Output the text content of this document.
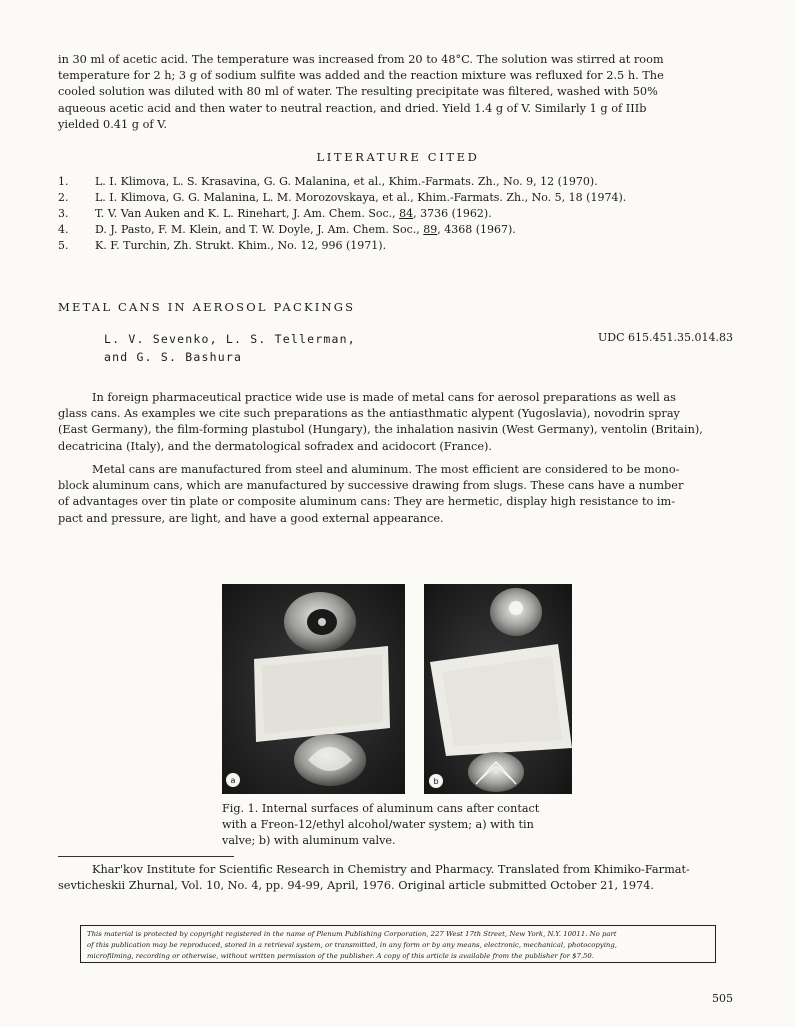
in 30 ml of acetic acid. The temperature was increased from 20 to 48°C. The solution was stirred at room
temperature for 2 h; 3 g of sodium sulfite was added and the reaction mixture was refluxed for 2.5 h. The
cooled solution was diluted with 80 ml of water. The resulting precipitate was filtered, washed with 50%
aqueous acetic acid and then water to neutral reaction, and dried. Yield 1.4 g of V. Similarly 1 g of IIIb
yielded 0.41 g of V.
LITERATURE CITED
1. L. I. Klimova, L. S. Krasavina, G. G. Malanina, et al., Khim.-Farmats. Zh., No. 9, 12 (1970).
2. L. I. Klimova, G. G. Malanina, L. M. Morozovskaya, et al., Khim.-Farmats. Zh., No. 5, 18 (1974).
3. T. V. Van Auken and K. L. Rinehart, J. Am. Chem. Soc., 84, 3736 (1962).
4. D. J. Pasto, F. M. Klein, and T. W. Doyle, J. Am. Chem. Soc., 89, 4368 (1967).
5. K. F. Turchin, Zh. Strukt. Khim., No. 12, 996 (1971).
METAL CANS IN AEROSOL PACKINGS
L. V. Sevenko, L. S. Tellerman,
and G. S. Bashura
UDC 615.451.35.014.83
In foreign pharmaceutical practice wide use is made of metal cans for aerosol preparations as well as
glass cans. As examples we cite such preparations as the antiasthmatic alypent (Yugoslavia), novodrin spray
(East Germany), the film-forming plastubol (Hungary), the inhalation nasivin (West Germany), ventolin (Britain),
decatricina (Italy), and the dermatological sofradex and acidocort (France).
Metal cans are manufactured from steel and aluminum. The most efficient are considered to be mono-
block aluminum cans, which are manufactured by successive drawing from slugs. These cans have a number
of advantages over tin plate or composite aluminum cans: They are hermetic, display high resistance to im-
pact and pressure, are light, and have a good external appearance.
a	b
Fig. 1. Internal surfaces of aluminum cans after contact
with a Freon-12/ethyl alcohol/water system; a) with tin
valve; b) with aluminum valve.
Khar'kov Institute for Scientific Research in Chemistry and Pharmacy. Translated from Khimiko-Farmat-
sevticheskii Zhurnal, Vol. 10, No. 4, pp. 94-99, April, 1976. Original article submitted October 21, 1974.
This material is protected by copyright registered in the name of Plenum Publishing Corporation, 227 West 17th Street, New York, N.Y. 10011. No part
of this publication may be reproduced, stored in a retrieval system, or transmitted, in any form or by any means, electronic, mechanical, photocopying,
microfilming, recording or otherwise, without written permission of the publisher. A copy of this article is available from the publisher for $7.50.
505
